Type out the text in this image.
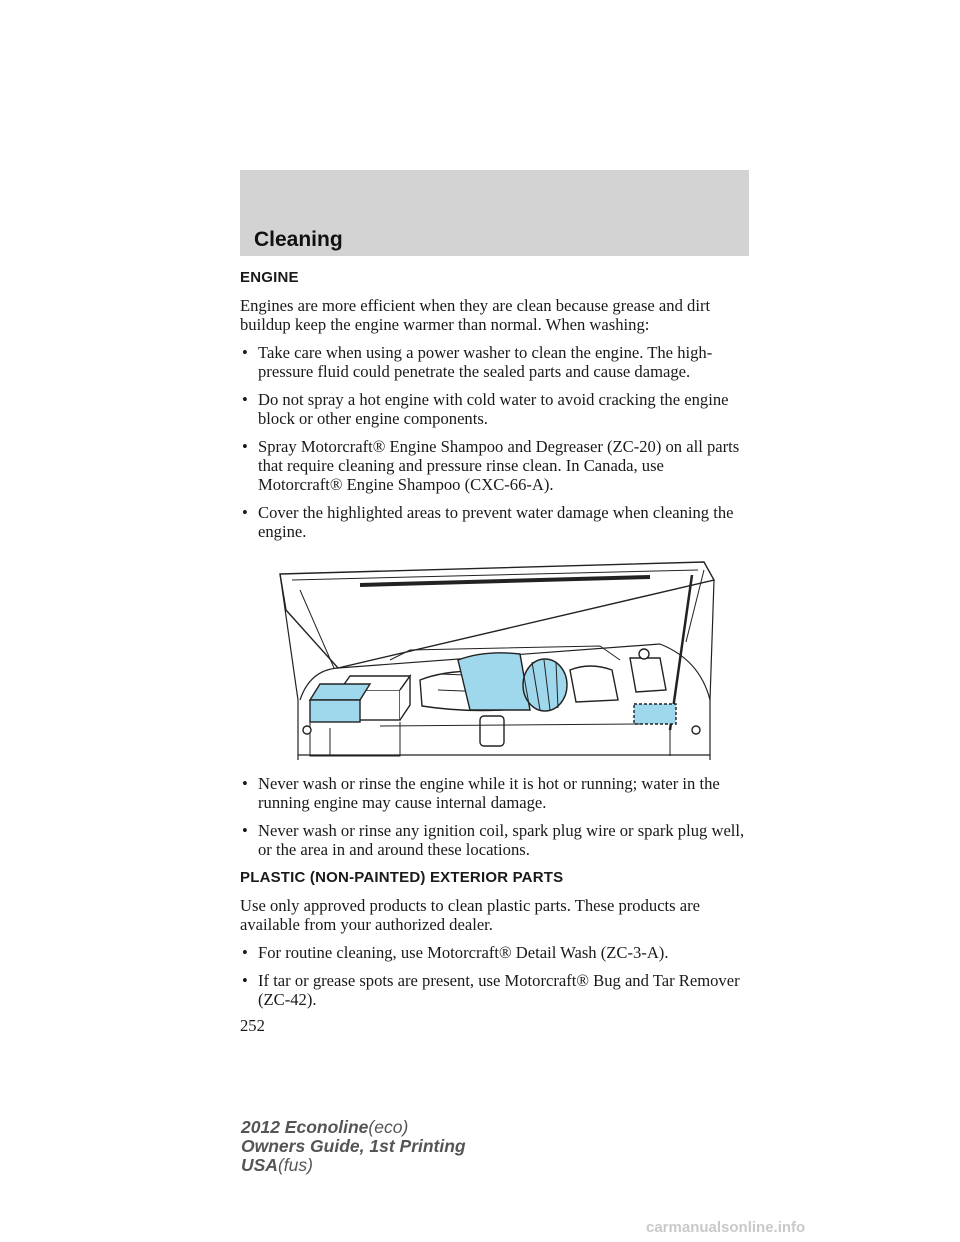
Cleaning
ENGINE

Engines are more efficient when they are clean because grease and dirt buildup keep the engine warmer than normal. When washing:

• Take care when using a power washer to clean the engine. The high-pressure fluid could penetrate the sealed parts and cause damage.
• Do not spray a hot engine with cold water to avoid cracking the engine block or other engine components.
• Spray Motorcraft® Engine Shampoo and Degreaser (ZC-20) on all parts that require cleaning and pressure rinse clean. In Canada, use Motorcraft® Engine Shampoo (CXC-66-A).
• Cover the highlighted areas to prevent water damage when cleaning the engine.
• Never wash or rinse the engine while it is hot or running; water in the running engine may cause internal damage.
• Never wash or rinse any ignition coil, spark plug wire or spark plug well, or the area in and around these locations.
PLASTIC (NON-PAINTED) EXTERIOR PARTS

Use only approved products to clean plastic parts. These products are available from your authorized dealer.

• For routine cleaning, use Motorcraft® Detail Wash (ZC-3-A).
• If tar or grease spots are present, use Motorcraft® Bug and Tar Remover (ZC-42).
252
2012 Econoline(eco)
Owners Guide, 1st Printing
USA(fus)
carmanualsonline.info
